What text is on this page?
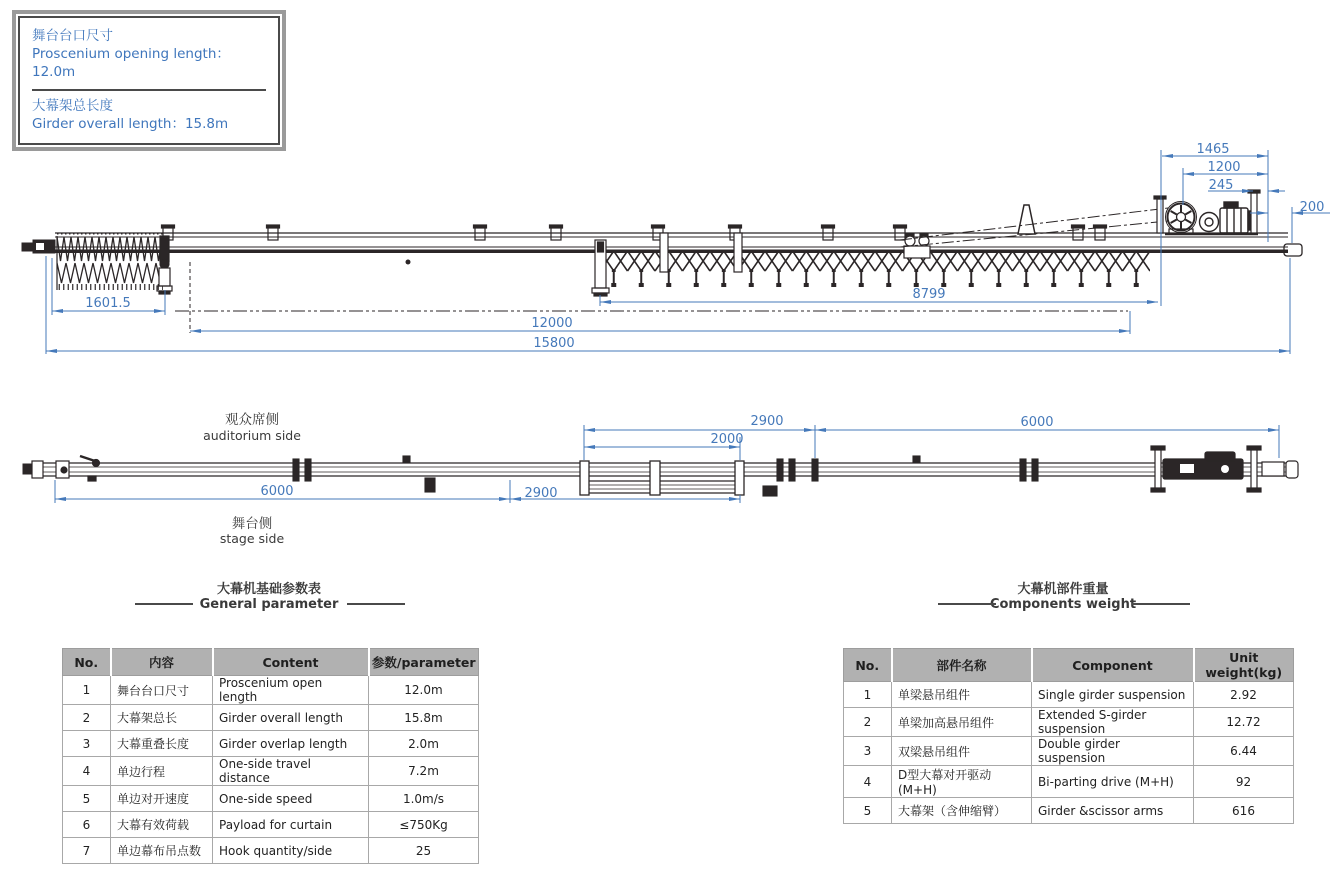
舞台台口尺寸
Proscenium opening length：12.0m
大幕架总长度
Girder overall length：15.8m
1465
1200
245
200
8799
1601.5
12000
15800
2900	6000
2000
6000	2900
观众席侧
auditorium side
舞台侧
stage side
大幕机基础参数表
General parameter
大幕机部件重量
Components weight
No.	内容	Content	参数/parameter
1	舞台台口尺寸	Proscenium open length	12.0m
2	大幕架总长	Girder overall length	15.8m
3	大幕重叠长度	Girder overlap length	2.0m
4	单边行程	One-side travel distance	7.2m
5	单边对开速度	One-side speed	1.0m/s
6	大幕有效荷载	Payload for curtain	≤750Kg
7	单边幕布吊点数	Hook quantity/side	25
No.	部件名称	Component	Unit weight(kg)
1	单梁悬吊组件	Single girder suspension	2.92
2	单梁加高悬吊组件	Extended S-girder suspension	12.72
3	双梁悬吊组件	Double girder suspension	6.44
4	D型大幕对开驱动(M+H)	Bi-parting drive (M+H)	92
5	大幕架（含伸缩臂）	Girder &scissor arms	616
